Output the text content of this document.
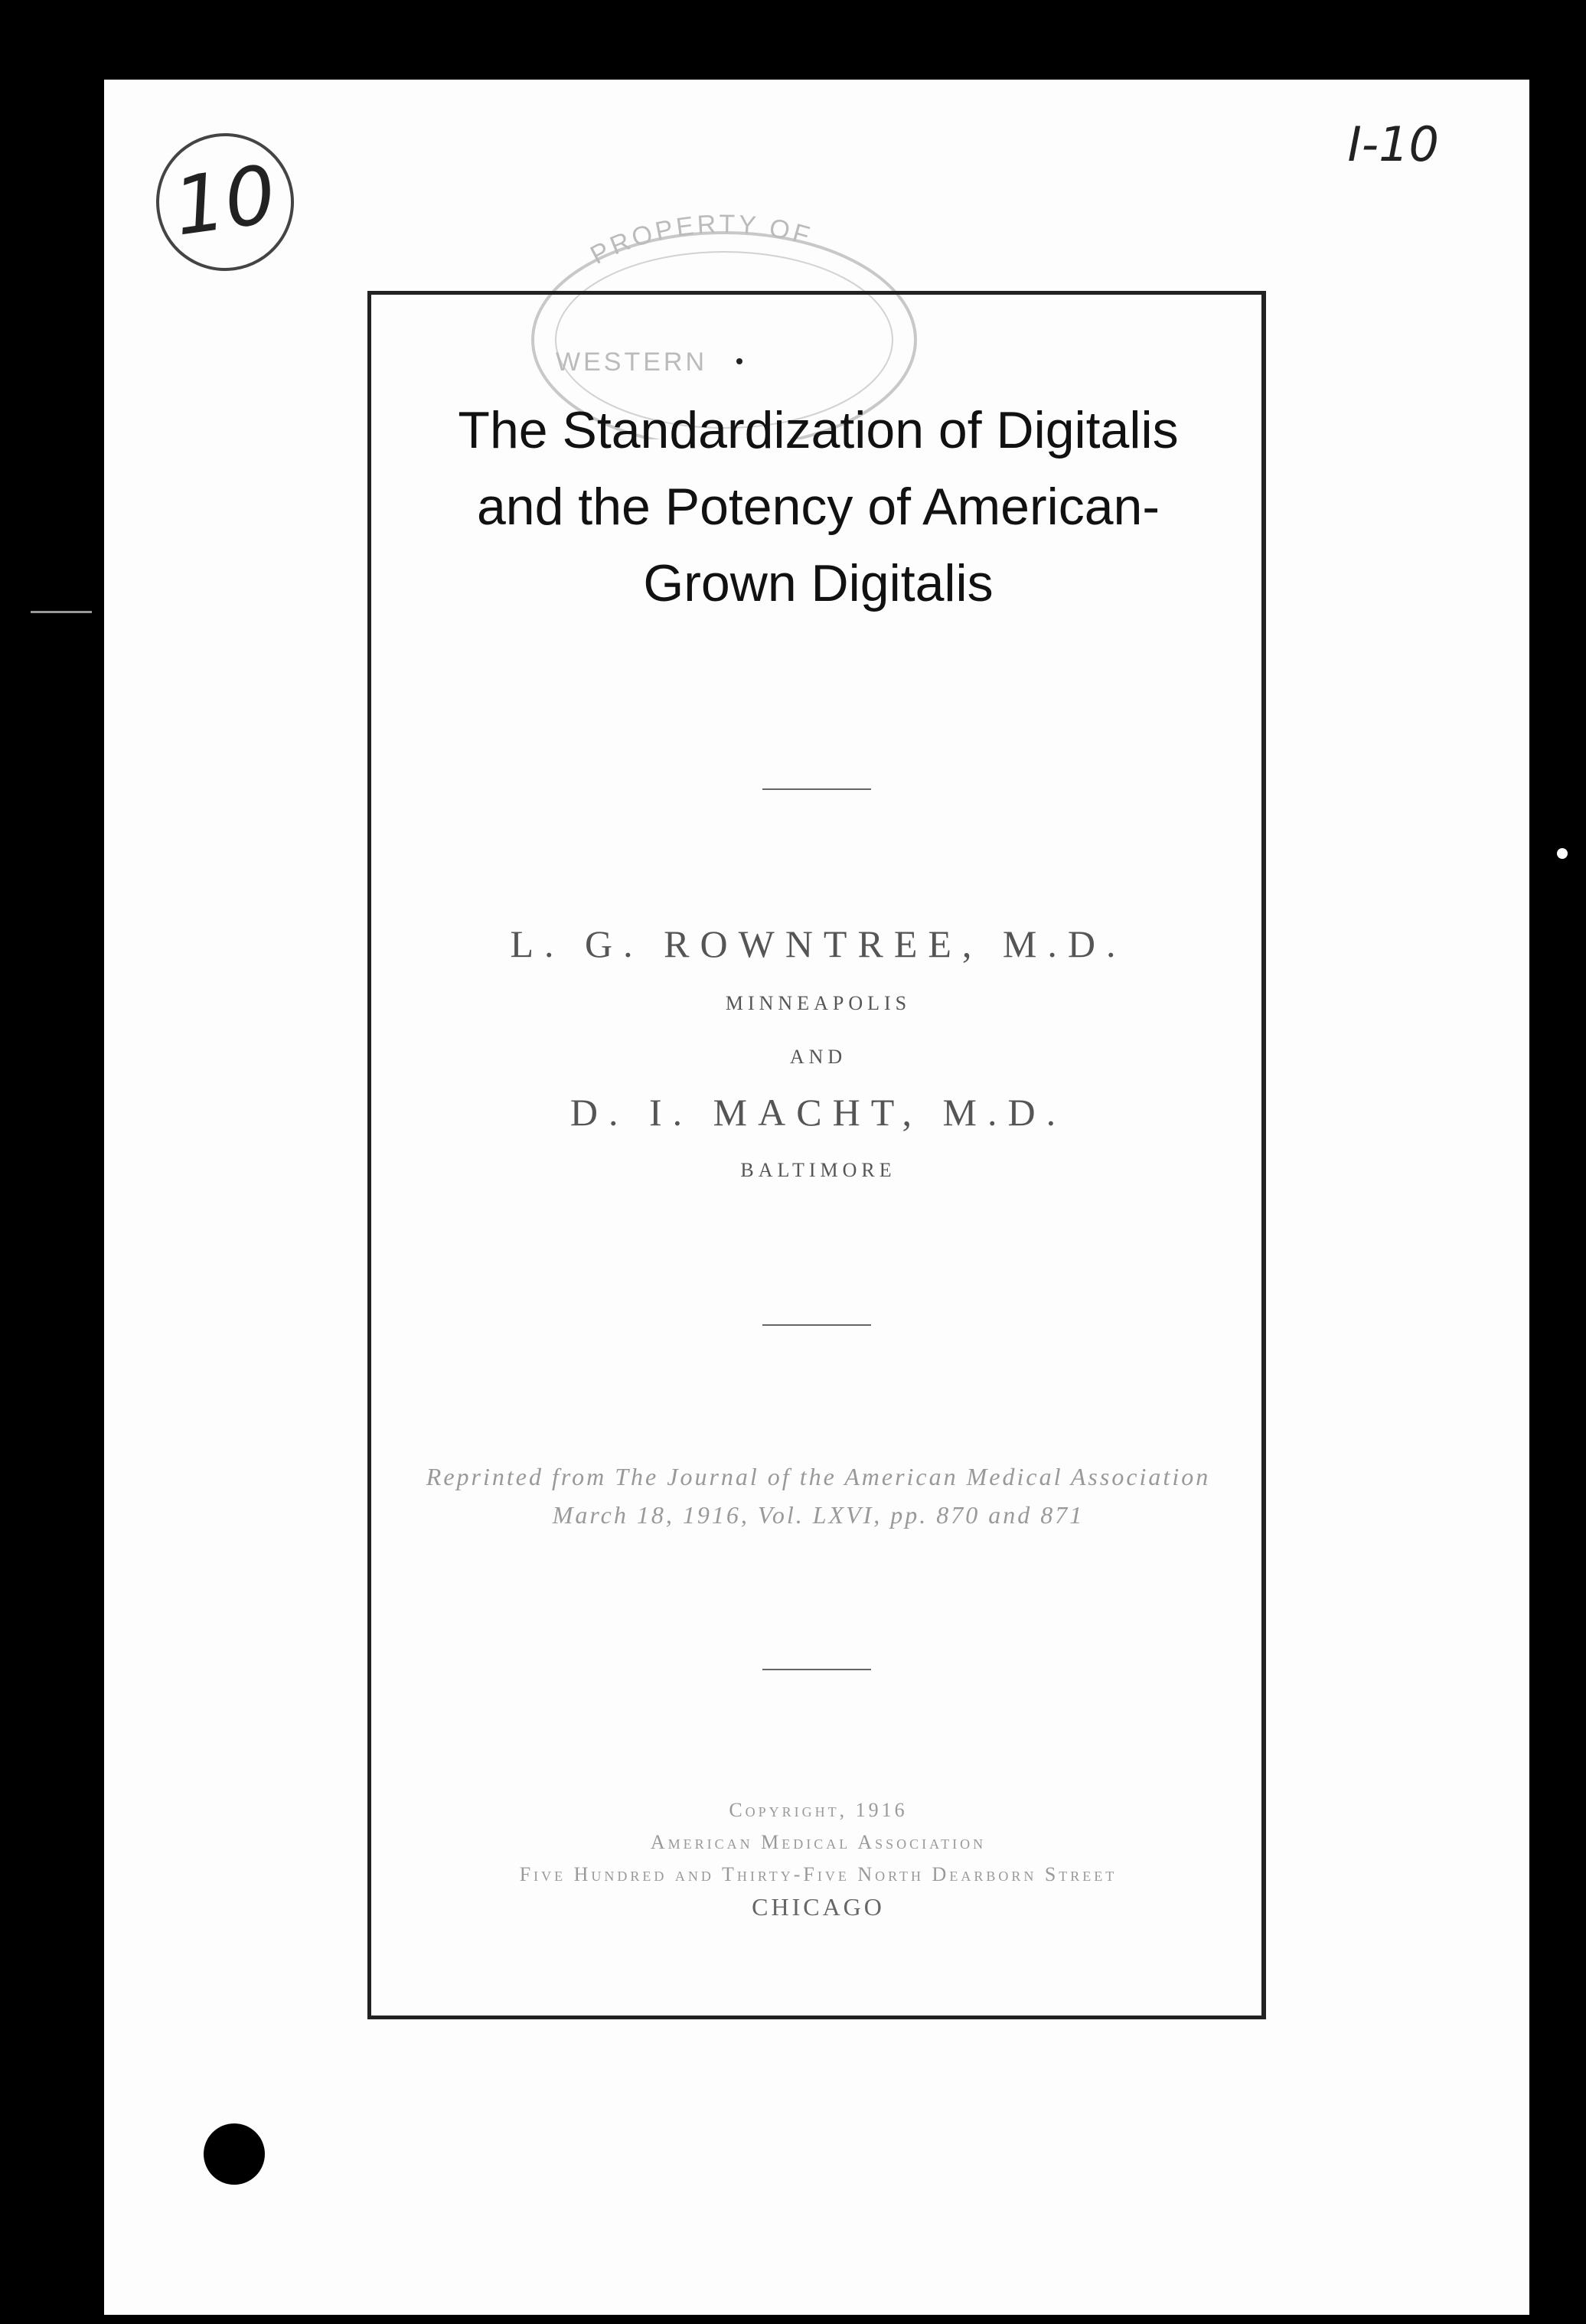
10
I-10
PROPERTY OF
WESTERN
The Standardization of Digitalis
and the Potency of American-
Grown Digitalis
L. G. ROWNTREE, M.D.
MINNEAPOLIS
AND
D. I. MACHT, M.D.
BALTIMORE
Reprinted from The Journal of the American Medical Association
March 18, 1916, Vol. LXVI, pp. 870 and 871
Copyright, 1916
American Medical Association
Five Hundred and Thirty-Five North Dearborn Street
CHICAGO
